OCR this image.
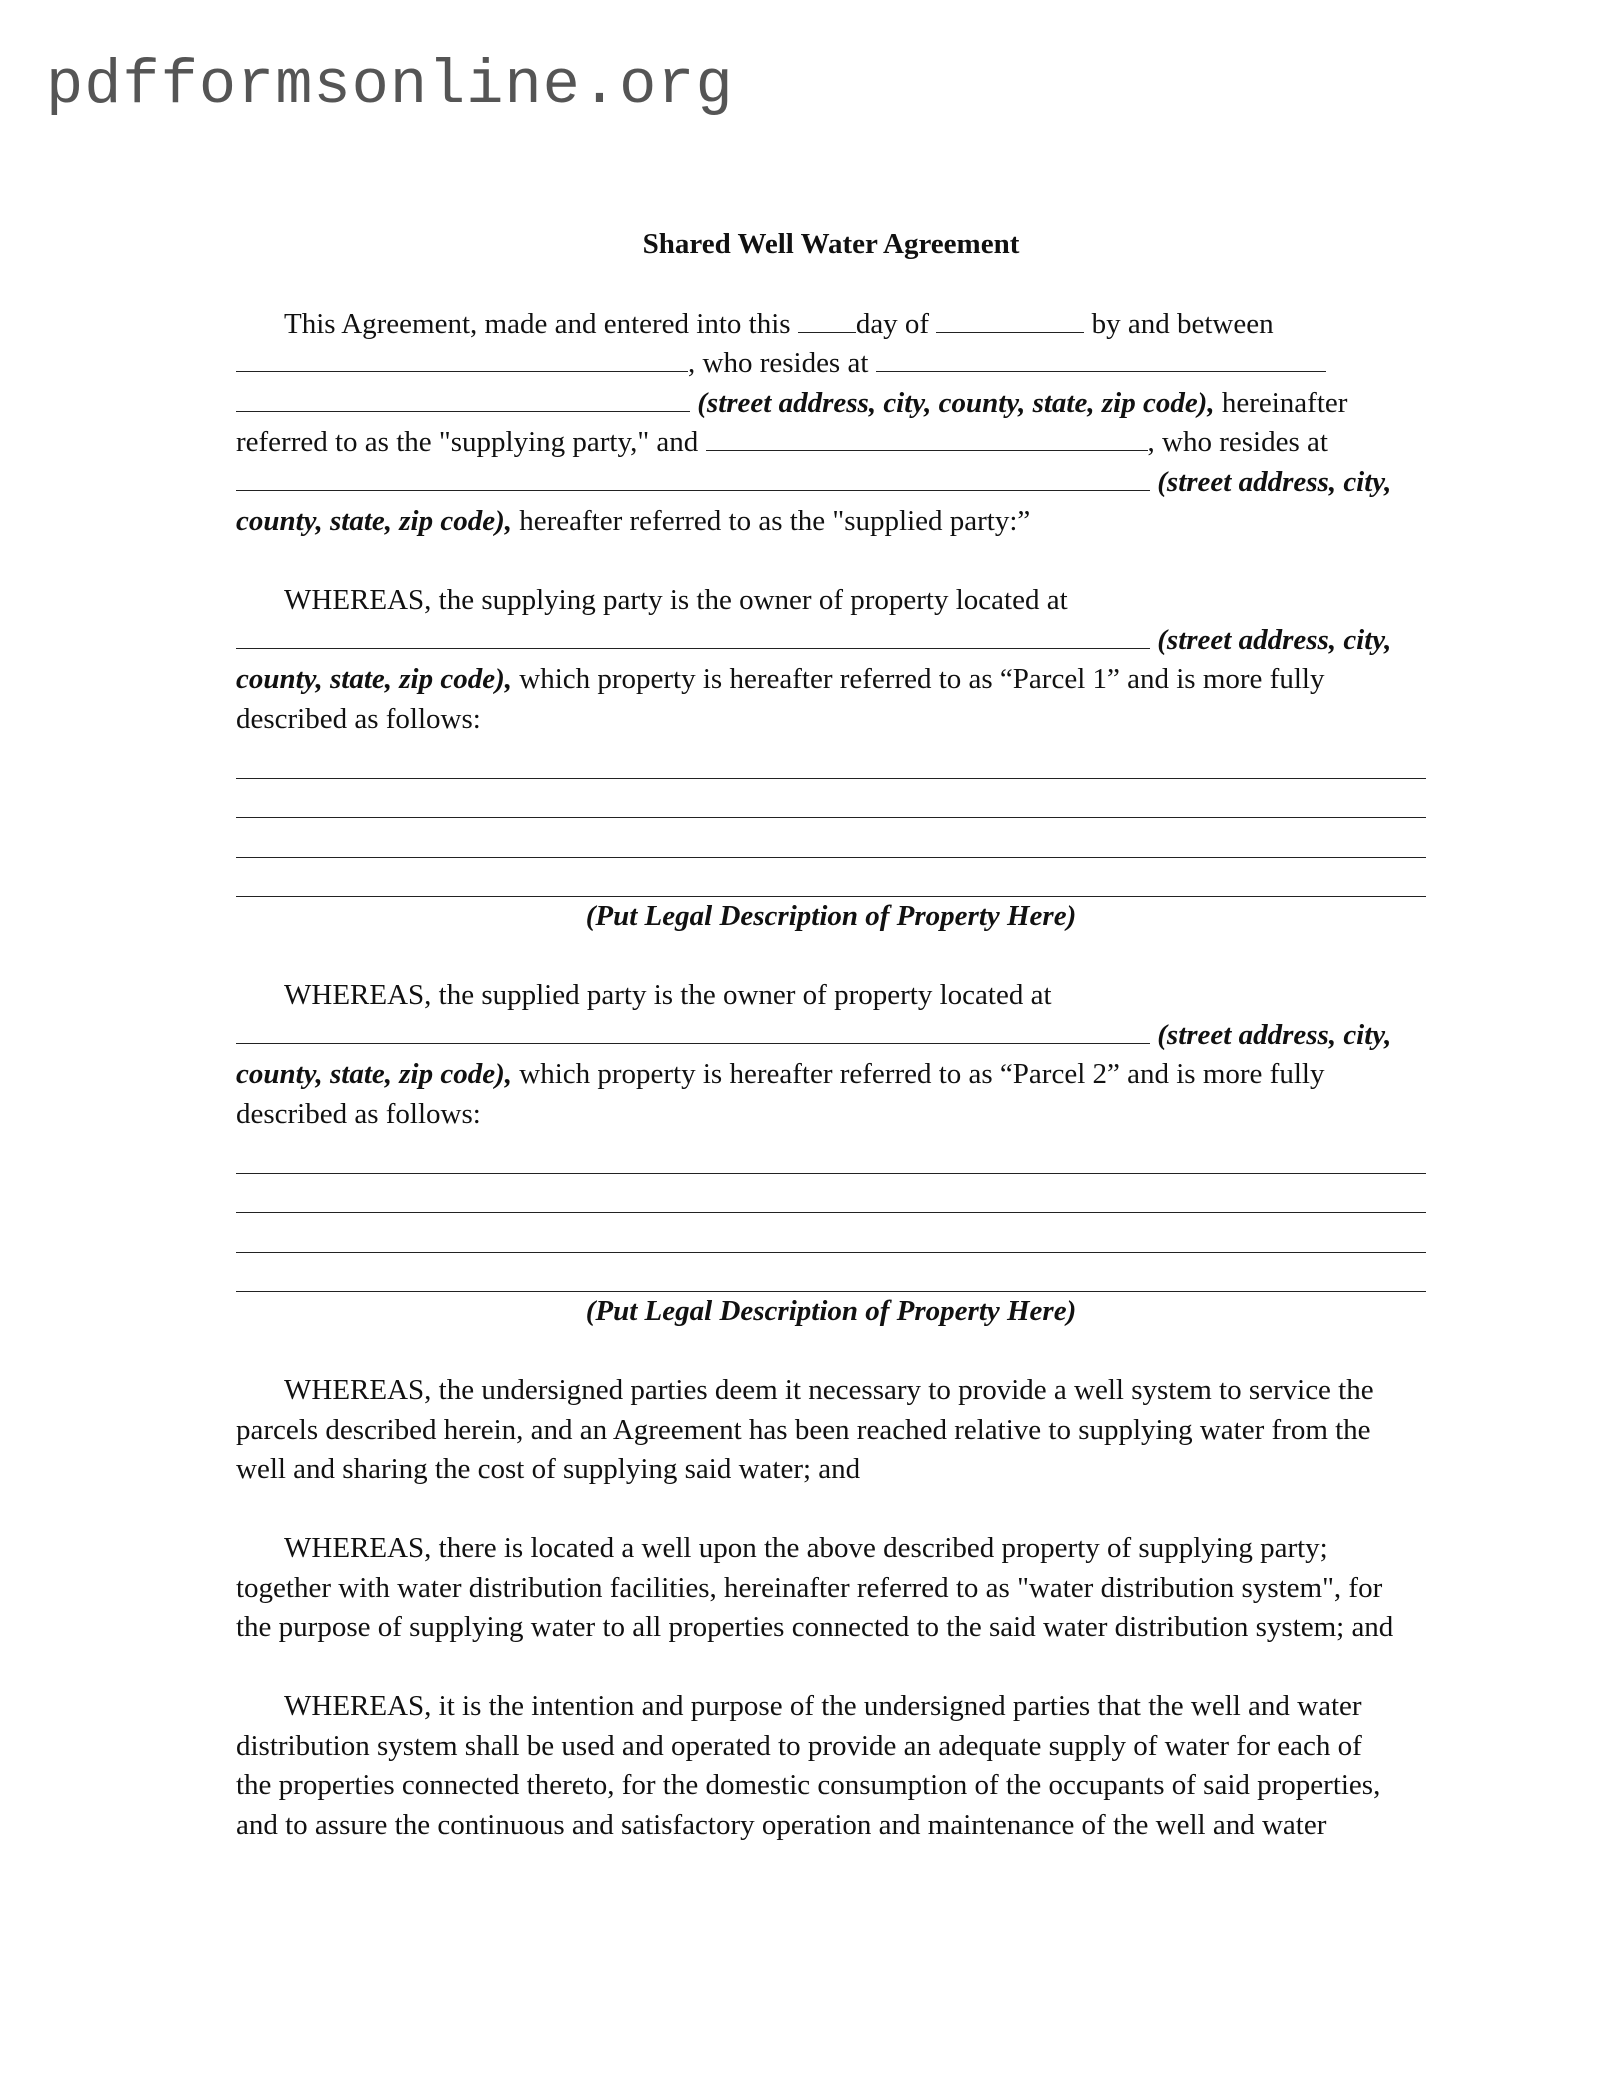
pdfformsonline.org
Shared Well Water Agreement
This Agreement, made and entered into this day of	by and between
, who resides at
(street address, city, county, state, zip code), hereinafter
referred to as the "supplying party," and	, who resides at
(street address, city,
county, state, zip code), hereafter referred to as the "supplied party:”
WHEREAS, the supplying party is the owner of property located at
(street address, city,
county, state, zip code), which property is hereafter referred to as “Parcel 1” and is more fully
described as follows:
(Put Legal Description of Property Here)
WHEREAS, the supplied party is the owner of property located at
(street address, city,
county, state, zip code), which property is hereafter referred to as “Parcel 2” and is more fully
described as follows:
(Put Legal Description of Property Here)
WHEREAS, the undersigned parties deem it necessary to provide a well system to service the
parcels described herein, and an Agreement has been reached relative to supplying water from the
well and sharing the cost of supplying said water; and
WHEREAS, there is located a well upon the above described property of supplying party;
together with water distribution facilities, hereinafter referred to as "water distribution system", for
the purpose of supplying water to all properties connected to the said water distribution system; and
WHEREAS, it is the intention and purpose of the undersigned parties that the well and water
distribution system shall be used and operated to provide an adequate supply of water for each of
the properties connected thereto, for the domestic consumption of the occupants of said properties,
and to assure the continuous and satisfactory operation and maintenance of the well and water
